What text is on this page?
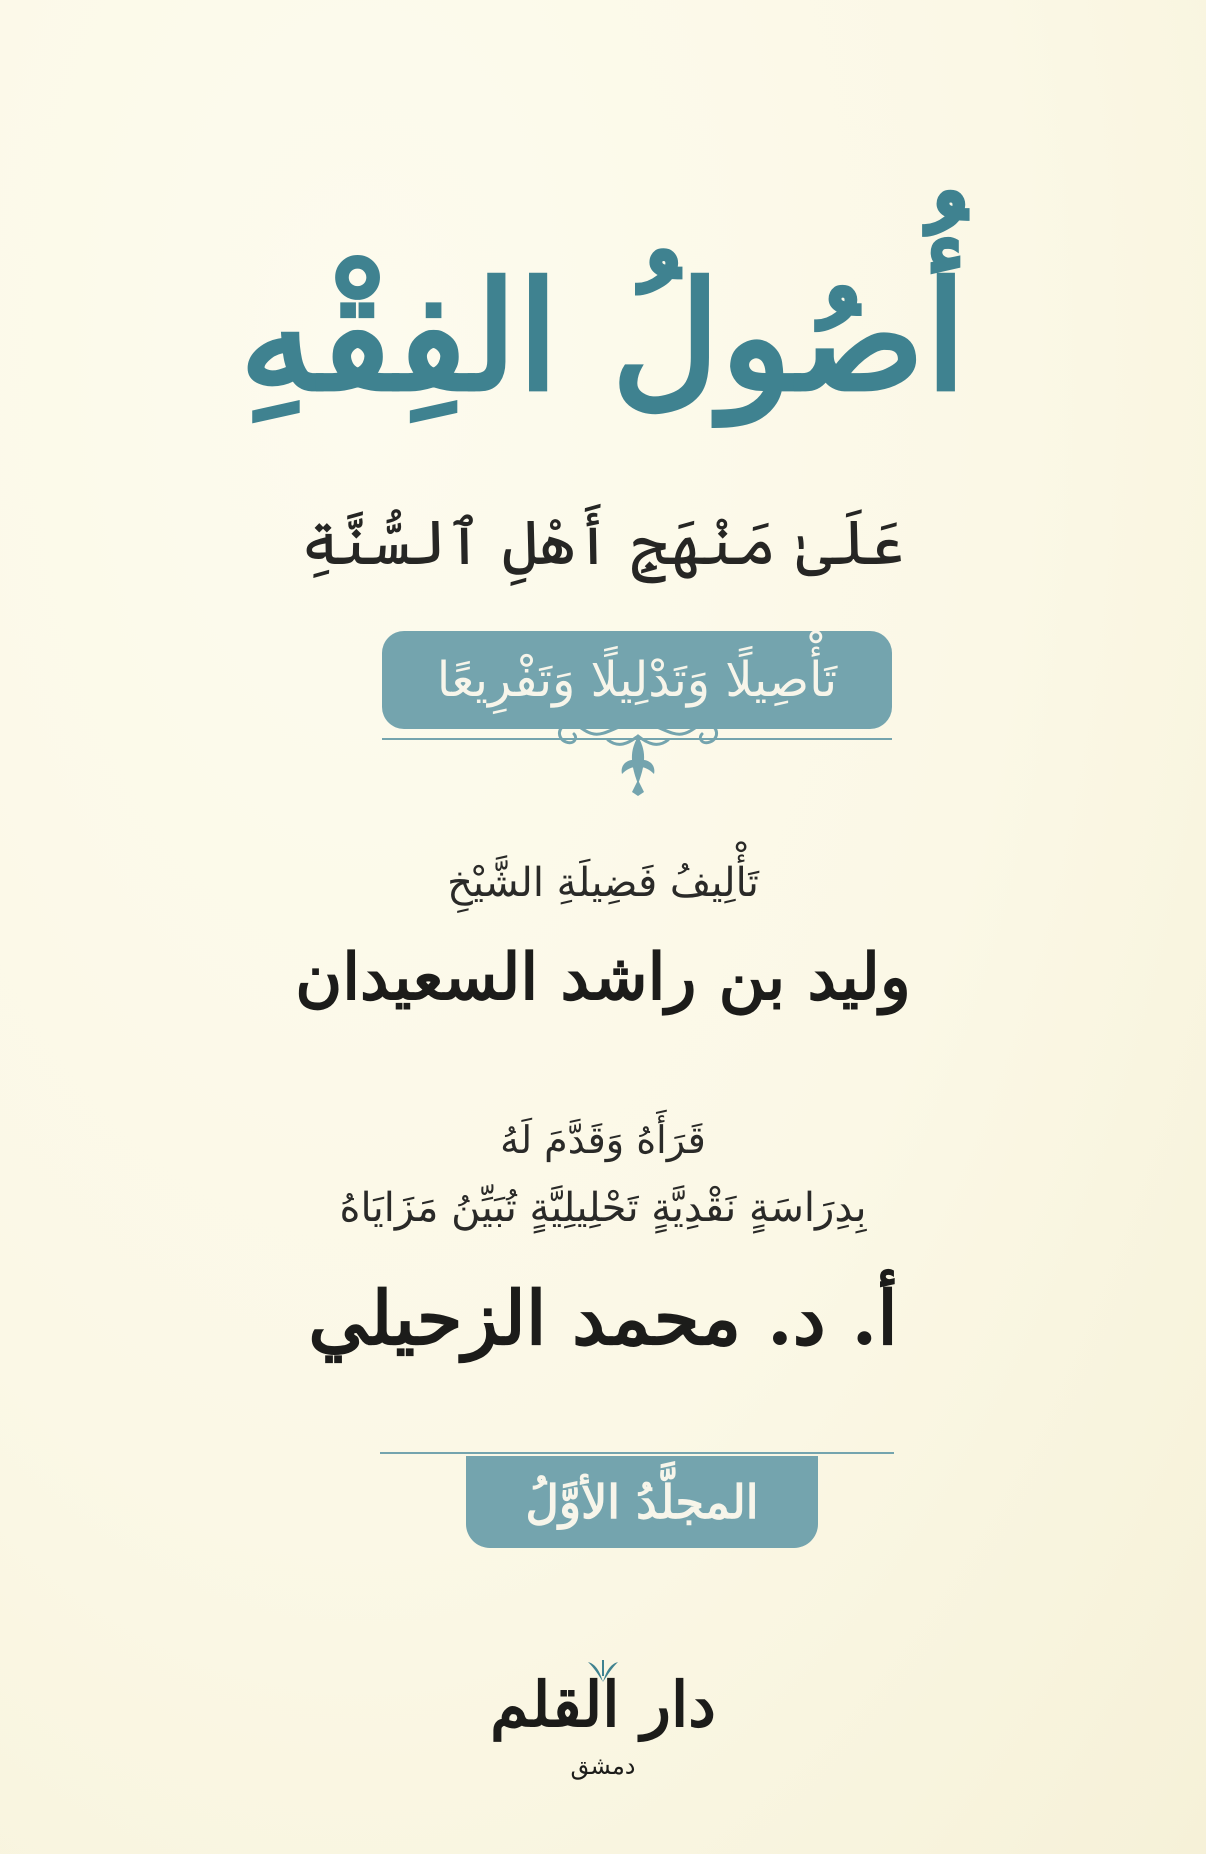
أُصُولُ الفِقْهِ
عَلَىٰ مَنْهَجِ أَهْلِ ٱلسُّنَّةِ
تَأْصِيلًا وَتَدْلِيلًا وَتَفْرِيعًا
تَأْلِيفُ فَضِيلَةِ الشَّيْخِ
وليد بن راشد السعيدان
قَرَأَهُ وَقَدَّمَ لَهُ
بِدِرَاسَةٍ نَقْدِيَّةٍ تَحْلِيلِيَّةٍ تُبَيِّنُ مَزَايَاهُ
أ. د. محمد الزحيلي
المجلَّدُ الأوَّلُ
دار القلم
دمشق
